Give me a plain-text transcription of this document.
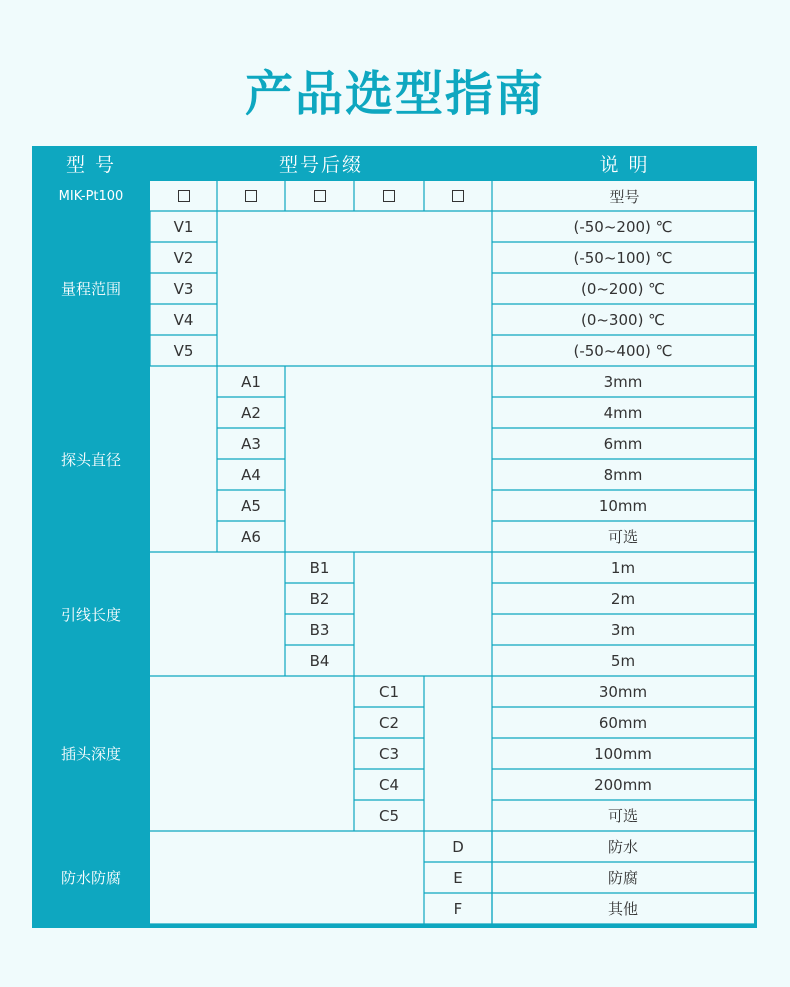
产品选型指南
型 号	型号后缀	说 明
MIK-Pt100	型号
量程范围
V1	(-50~200) ℃
V2	(-50~100) ℃
V3	(0~200) ℃
V4	(0~300) ℃
V5	(-50~400) ℃
探头直径
A1	3mm
A2	4mm
A3	6mm
A4	8mm
A5	10mm
A6	可选
引线长度
B1	1m
B2	2m
B3	3m
B4	5m
插头深度
C1	30mm
C2	60mm
C3	100mm
C4	200mm
C5	可选
防水防腐
D	防水
E	防腐
F	其他
